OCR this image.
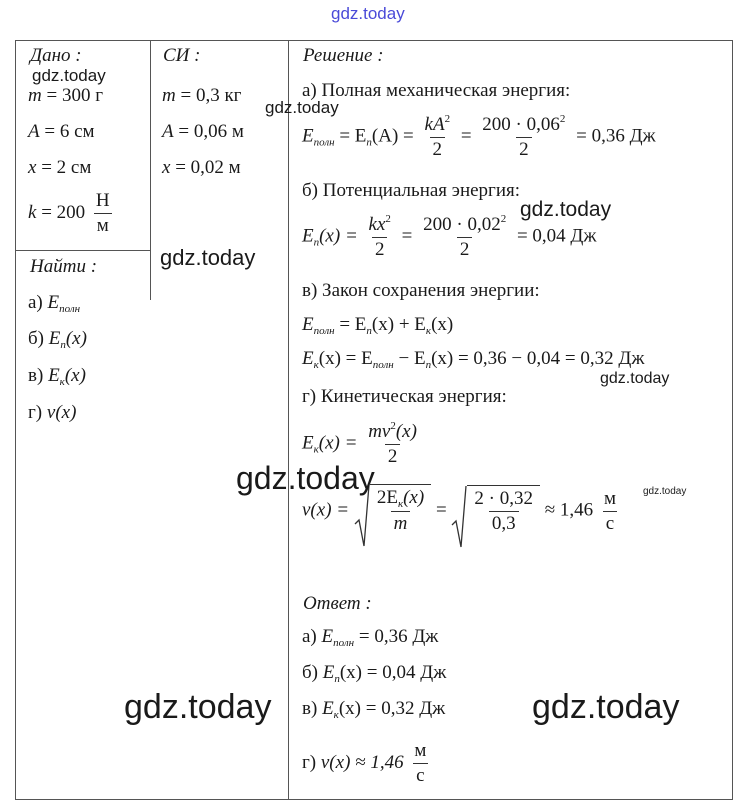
gdz.today
Дано :
m = 300 г
A = 6 см
x = 2 см
$k = 200 \frac{Н}{м}$
Найти :
а) $E_{полн}$
б) $E_п(x)$
в) $E_к(x)$
г) v(x)
СИ :
m = 0,3 кг
A = 0,06 м
x = 0,02 м
Решение :
а) Полная механическая энергия:
$E_{полн} = E_п(A) = \frac{kA^2}{2} = \frac{200 \cdot 0,06^2}{2} = 0,36$ Дж
б) Потенциальная энергия:
$E_п(x) = \frac{kx^2}{2} = \frac{200 \cdot 0,02^2}{2} = 0,04$ Дж
в) Закон сохранения энергии:
$E_{полн} = E_п(x) + E_к(x)$
$E_к(x) = E_{полн} - E_п(x) = 0,36 - 0,04 = 0,32$ Дж
г) Кинетическая энергия:
$E_к(x) = \frac{mv^2(x)}{2}$
$v(x) = \frac{2E_к(x)}{m} = \frac{2 \cdot 0,32}{0,3} \approx 1,46 \frac{м}{с}$
Ответ :
а) $E_{полн} = 0,36$ Дж
б) $E_п(x) = 0,04$ Дж
в) $E_к(x) = 0,32$ Дж
г) $v(x) \approx 1,46 \frac{м}{с}$
gdz.today
gdz.today
gdz.today
gdz.today
gdz.today
gdz.today	gdz.today
gdz.today	gdz.today
